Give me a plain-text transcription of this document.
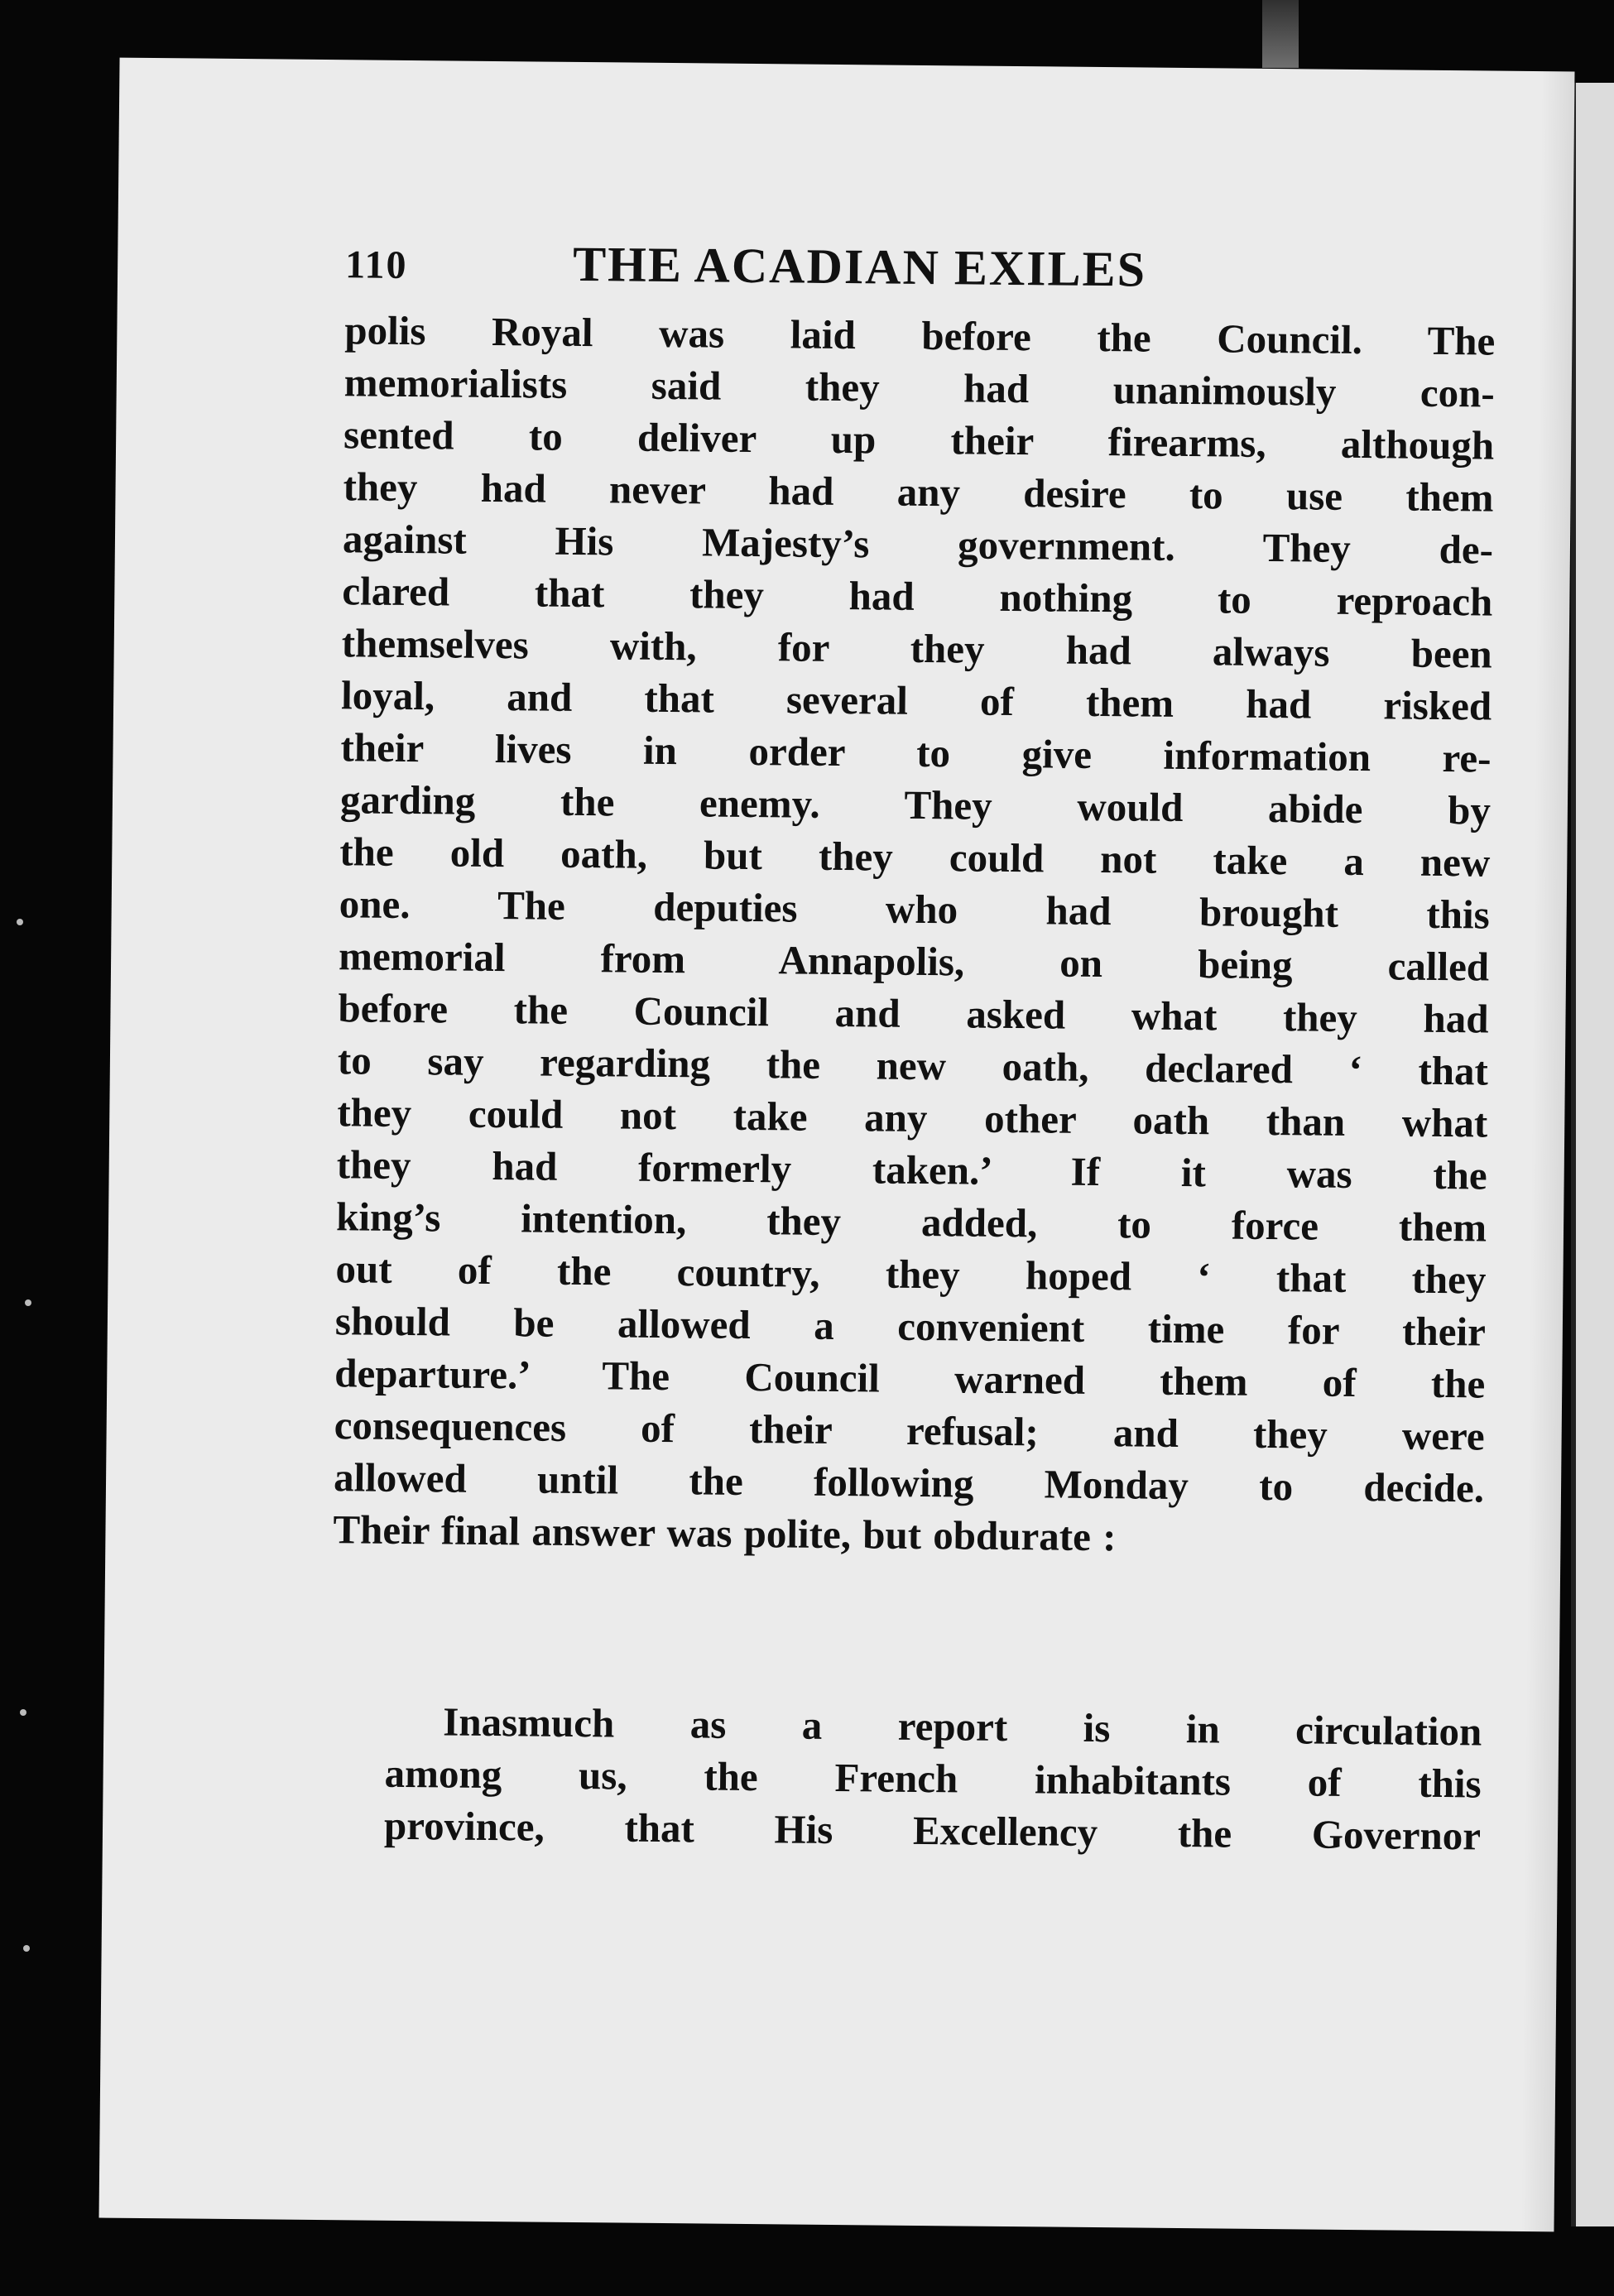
110	THE ACADIAN EXILES
polis Royal was laid before the Council. The
memorialists said they had unanimously con-
sented to deliver up their firearms, although
they had never had any desire to use them
against His Majesty’s government. They de-
clared that they had nothing to reproach
themselves with, for they had always been
loyal, and that several of them had risked
their lives in order to give information re-
garding the enemy. They would abide by
the old oath, but they could not take a new
one. The deputies who had brought this
memorial from Annapolis, on being called
before the Council and asked what they had
to say regarding the new oath, declared ‘ that
they could not take any other oath than what
they had formerly taken.’ If it was the
king’s intention, they added, to force them
out of the country, they hoped ‘ that they
should be allowed a convenient time for their
departure.’ The Council warned them of the
consequences of their refusal; and they were
allowed until the following Monday to decide.
Their final answer was polite, but obdurate :
Inasmuch as a report is in circulation
among us, the French inhabitants of this
province, that His Excellency the Governor
